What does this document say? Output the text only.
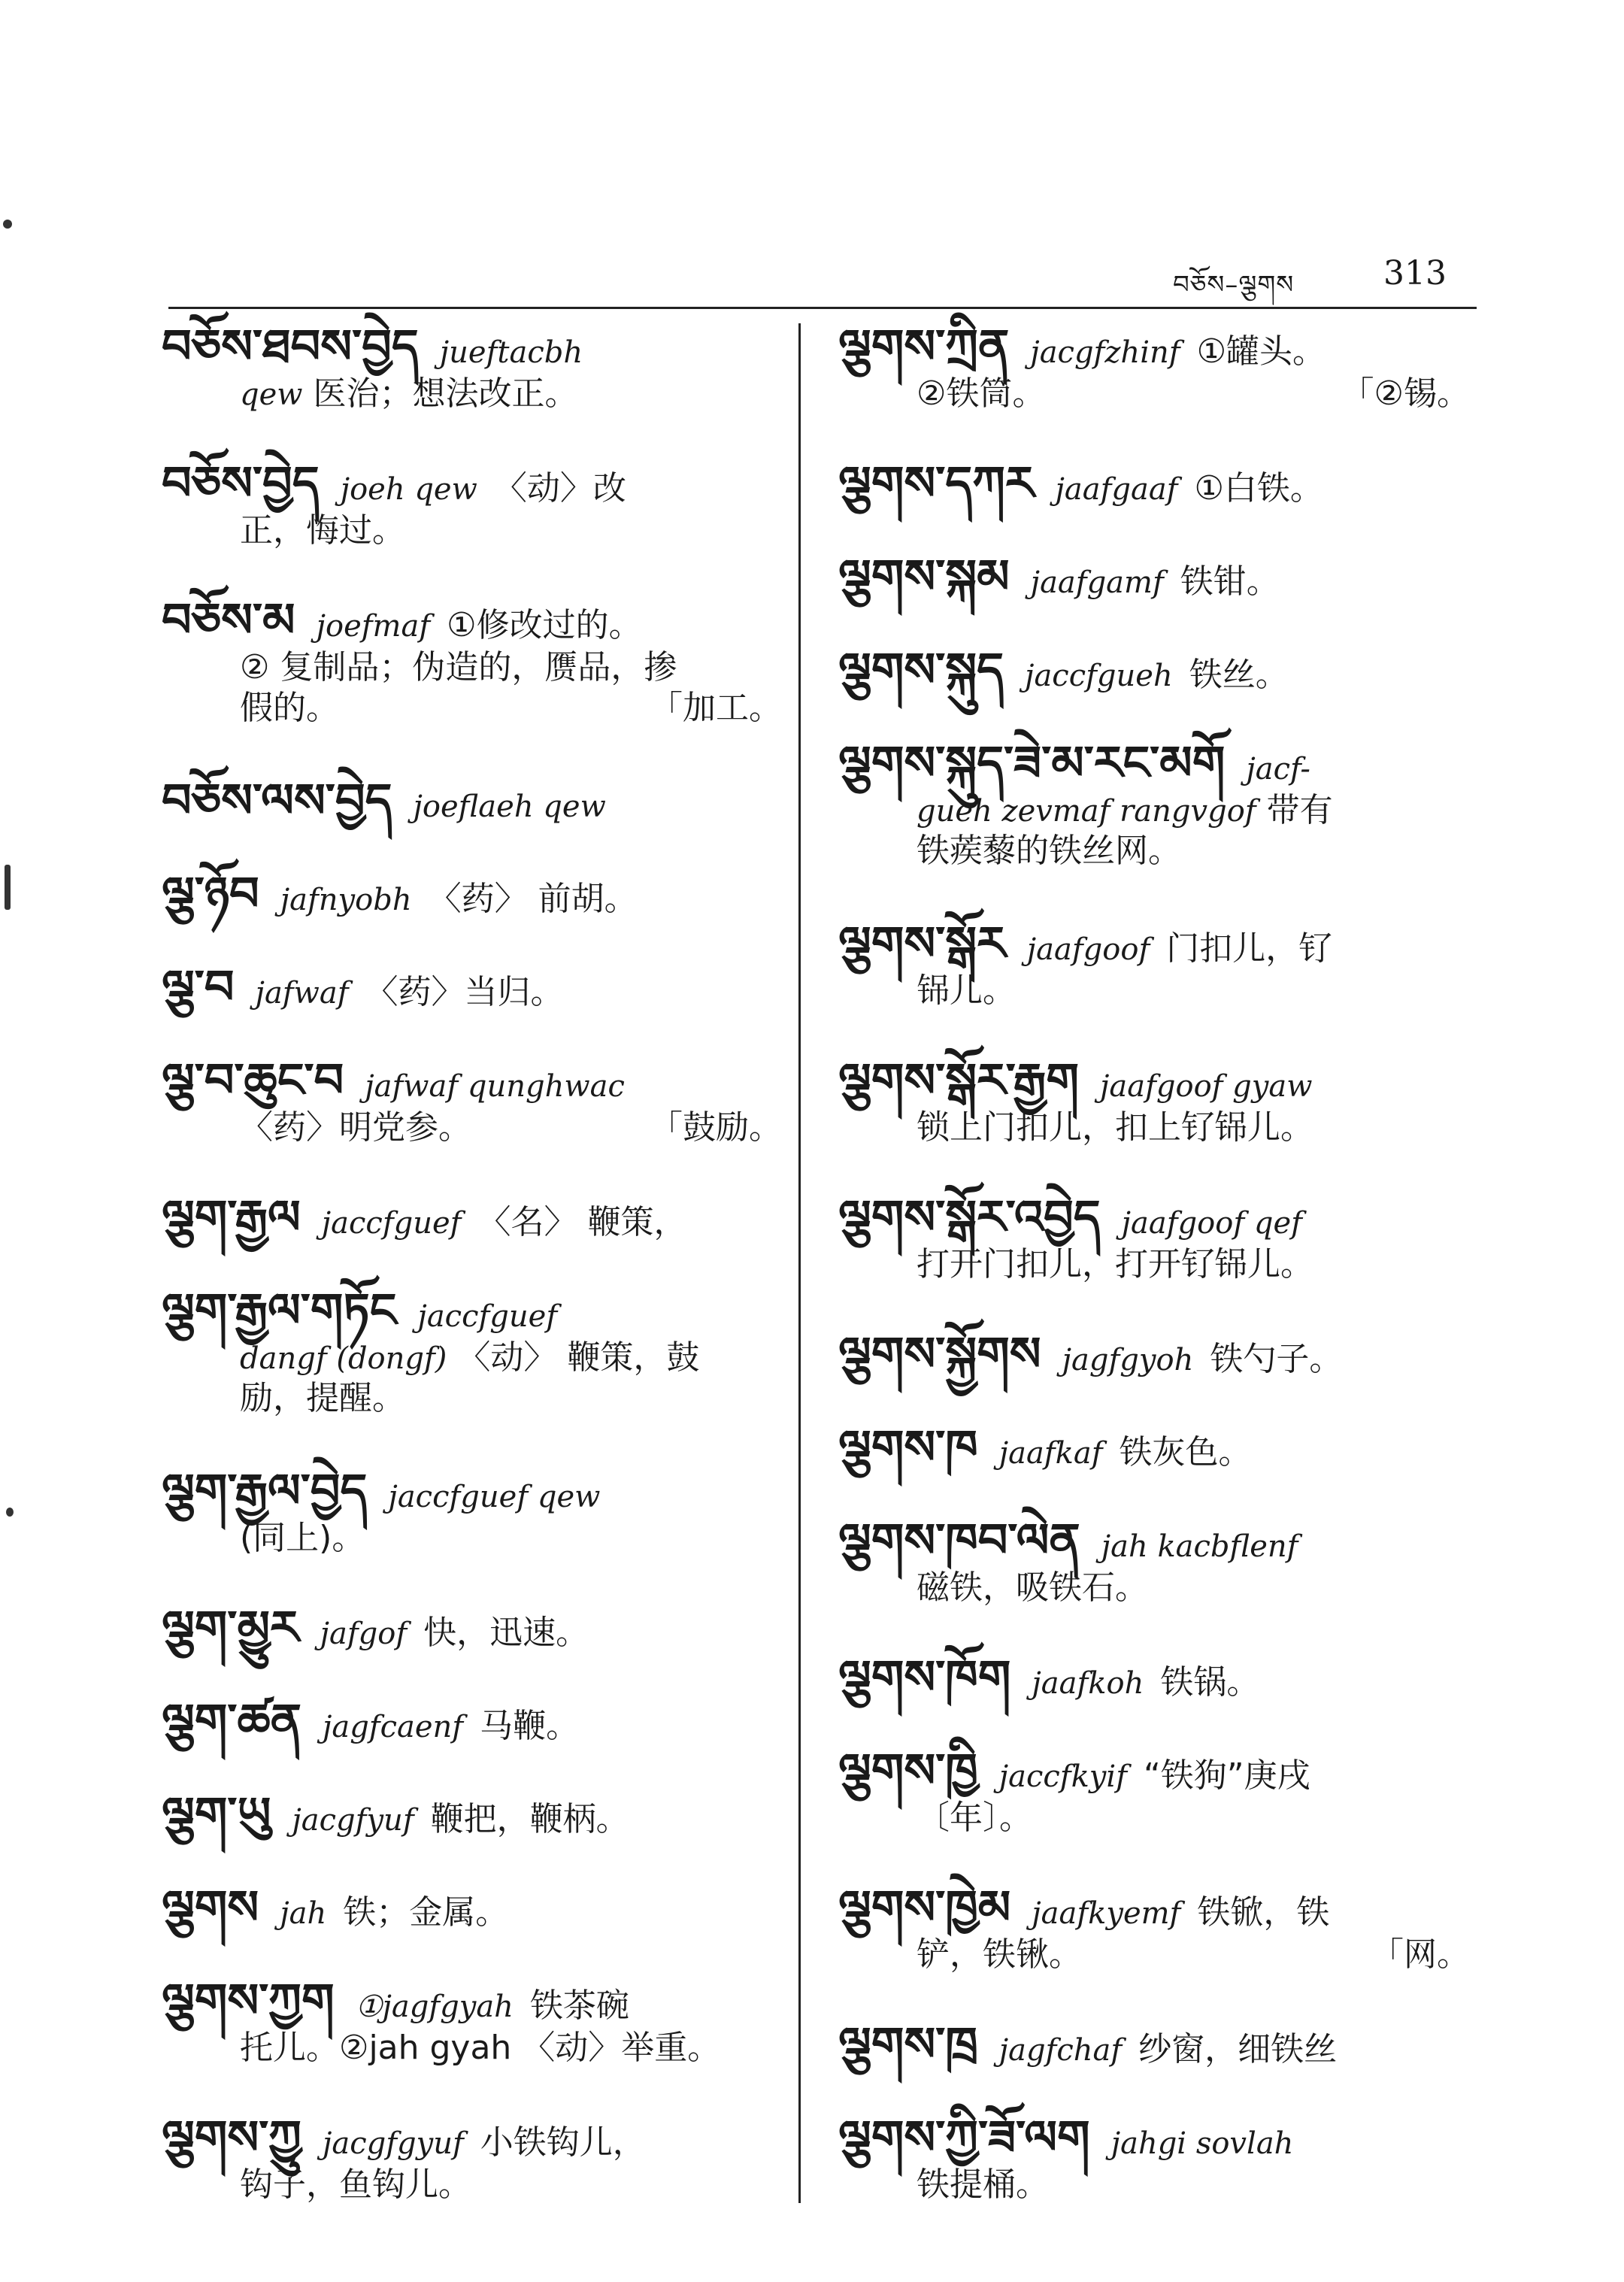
བཅོས–ལྕགས	313
བཅོས་ཐབས་བྱེད jueftacbh
qew 医治；想法改正。
བཅོས་བྱེད joeh qew 〈动〉改
正，悔过。
བཅོས་མ joefmaf ①修改过的。
② 复制品；伪造的，赝品，掺
假的。	「加工。
བཅོས་ལས་བྱེད joeflaeh qew
ལྕ་ཉོབ jafnyobh 〈药〉 前胡。
ལྕ་བ jafwaf 〈药〉当归。
ལྕ་བ་ཆུང་བ jafwaf qunghwac
〈药〉明党参。	「鼓励。
ལྕག་རྒྱལ jaccfguef 〈名〉 鞭策，
ལྕག་རྒྱལ་གཏོང jaccfguef
dangf (dongf) 〈动〉 鞭策，鼓
励，提醒。
ལྕག་རྒྱལ་བྱེད jaccfguef qew
(同上)。
ལྕག་མྱུར jafgof 快，迅速。
ལྕག་ཚན jagfcaenf 马鞭。
ལྕག་ཡུ jacgfyuf 鞭把，鞭柄。
ལྕགས jah 铁；金属。
ལྕགས་ཀྱག ①jagfgyah 铁茶碗
托儿。②jah gyah 〈动〉举重。
ལྕགས་ཀྱུ jacgfgyuf 小铁钩儿，
钩子，鱼钩儿。
ལྕགས་ཀྲིན jacgfzhinf ①罐头。
②铁筒。	「②锡。
ལྕགས་དཀར jaafgaaf ①白铁。
ལྕགས་སྐམ jaafgamf 铁钳。
ལྕགས་སྐུད jaccfgueh 铁丝。
ལྕགས་སྐུད་ཟེ་མ་རང་མགོ jacf-
gueh zevmaf rangvgof 带有
铁蒺藜的铁丝网。
ལྕགས་སྒོར jaafgoof 门扣儿，钌
铞儿。
ལྕགས་སྒོར་རྒྱག jaafgoof gyaw
锁上门扣儿，扣上钌铞儿。
ལྕགས་སྒོར་འབྱེད jaafgoof qef
打开门扣儿，打开钌铞儿。
ལྕགས་སྐྱོགས jagfgyoh 铁勺子。
ལྕགས་ཁ jaafkaf 铁灰色。
ལྕགས་ཁབ་ལེན jah kacbflenf
磁铁，吸铁石。
ལྕགས་ཁོག jaafkoh 铁锅。
ལྕགས་ཁྱི jaccfkyif “铁狗”庚戌
〔年〕。
ལྕགས་ཁྱེམ jaafkyemf 铁锨，铁
铲，铁锹。	「网。
ལྕགས་ཁྲ jagfchaf 纱窗，细铁丝
ལྕགས་ཀྱི་ཟོ་ལག jahgi sovlah
铁提桶。
